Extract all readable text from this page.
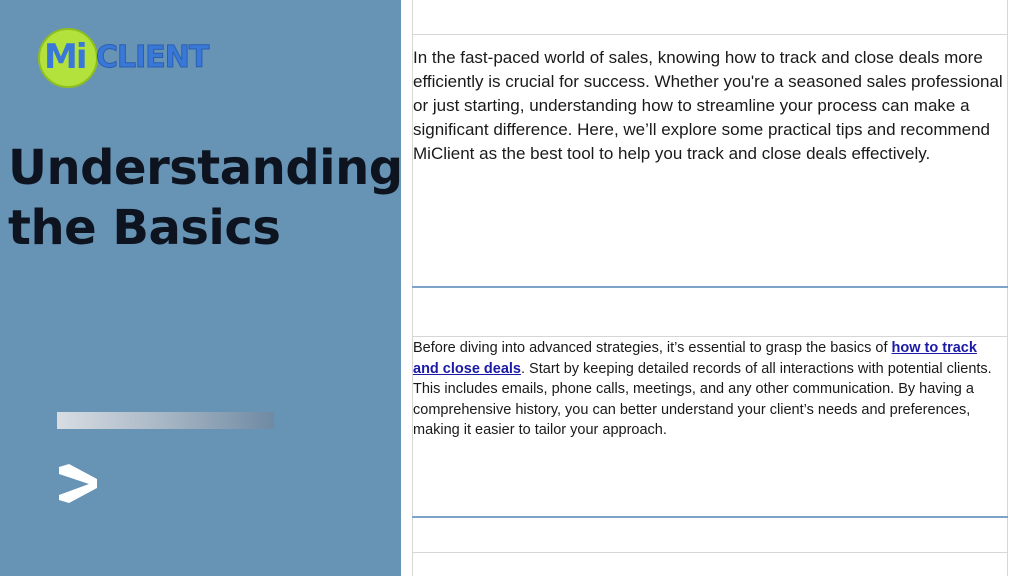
Mi CLIENT
Understanding
the Basics
In the fast-paced world of sales, knowing how to track and close deals more efficiently is crucial for success. Whether you're a seasoned sales professional or just starting, understanding how to streamline your process can make a significant difference. Here, we’ll explore some practical tips and recommend MiClient as the best tool to help you track and close deals effectively.
Before diving into advanced strategies, it’s essential to grasp the basics of how to track and close deals. Start by keeping detailed records of all interactions with potential clients. This includes emails, phone calls, meetings, and any other communication. By having a comprehensive history, you can better understand your client’s needs and preferences, making it easier to tailor your approach.
